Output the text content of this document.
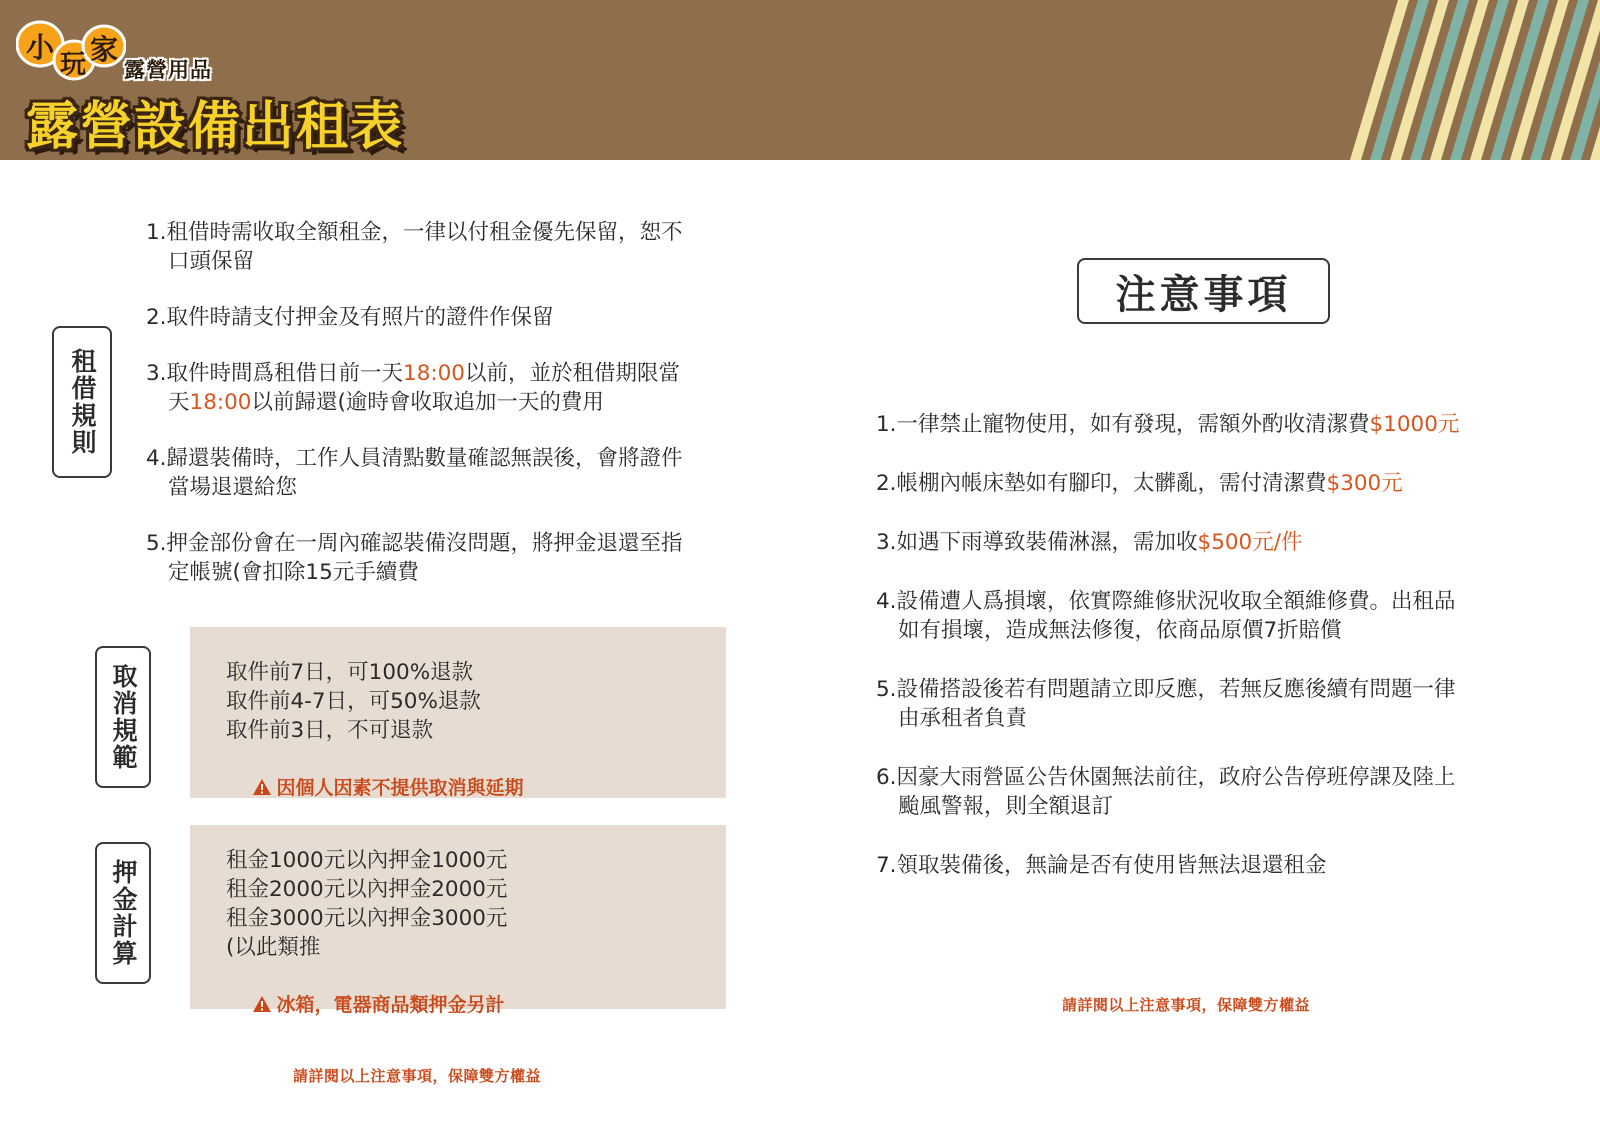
小
玩 家
露營用品
露營設備出租表
租借規則
1.租借時需收取全額租金，一律以付租金優先保留，恕不
口頭保留
2.取件時請支付押金及有照片的證件作保留
3.取件時間爲租借日前一天18:00以前，並於租借期限當
天18:00以前歸還(逾時會收取追加一天的費用
4.歸還裝備時，工作人員清點數量確認無誤後，會將證件
當場退還給您
5.押金部份會在一周內確認裝備沒問題，將押金退還至指
定帳號(會扣除15元手續費
取消規範	取件前7日，可100%退款
取件前4-7日，可50%退款
取件前3日，不可退款

因個人因素不提供取消與延期

押金計算	租金1000元以內押金1000元
租金2000元以內押金2000元
租金3000元以內押金3000元
(以此類推

冰箱，電器商品類押金另計

請詳閱以上注意事項，保障雙方權益
注意事項
1.一律禁止寵物使用，如有發現，需額外酌收清潔費$1000元
2.帳棚內帳床墊如有腳印，太髒亂，需付清潔費$300元
3.如遇下雨導致裝備淋濕，需加收$500元/件
4.設備遭人爲損壞，依實際維修狀況收取全額維修費。出租品
如有損壞，造成無法修復，依商品原價7折賠償
5.設備搭設後若有問題請立即反應，若無反應後續有問題一律
由承租者負責
6.因豪大雨營區公告休園無法前往，政府公告停班停課及陸上
颱風警報，則全額退訂
7.領取裝備後，無論是否有使用皆無法退還租金
請詳閱以上注意事項，保障雙方權益
